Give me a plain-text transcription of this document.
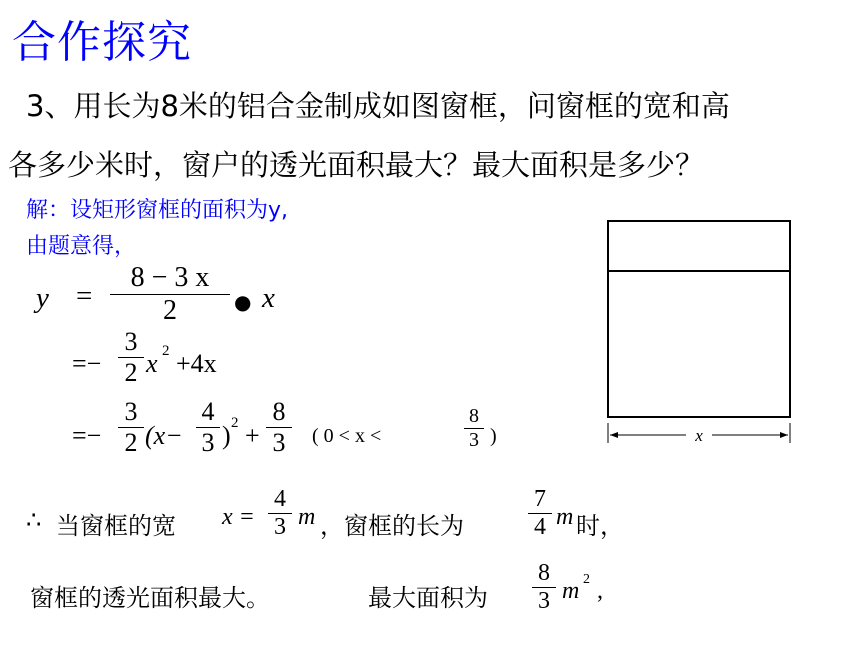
合作探究
3、用长为8米的铝合金制成如图窗框，问窗框的宽和高
各多少米时，窗户的透光面积最大？最大面积是多少？
解：设矩形窗框的面积为y,
由题意得，
y =
8 − 3 x
2	● x
=−
3
2 x 2 +4x
=−
3
2 (x−
4
3 ) 2 +
8
3	( 0 < x <
8
3 )
∴ 当窗框的宽 x =
4
3 m ，窗框的长为
7
4 m 时，
窗框的透光面积最大。	最大面积为
8
3 m 2 ,
x
